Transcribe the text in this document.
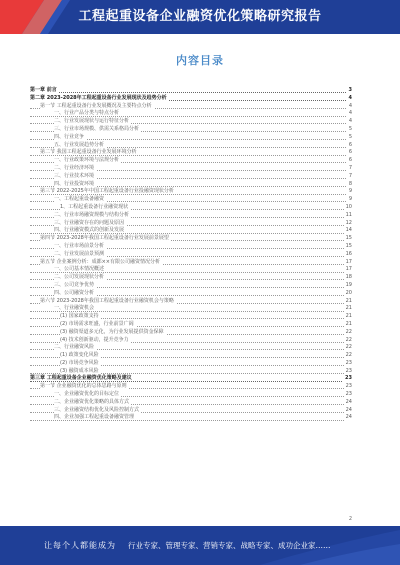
工程起重设备企业融资优化策略研究报告
内容目录
第一章 前言	3
第二章 2023-2028年工程起重设备行业发展现状及趋势分析	4
第一节 工程起重设备行业发展概况及主要特点分析	4
一、行业产品分类与特点分析	4
二、行业发展现状与运行特征分析	4
三、行业市场规模、供需关系格局分析	5
四、行业竞争	5
五、行业发展趋势分析	6
第二节 我国工程起重设备行业发展环境分析	6
一、行业政策环境与法规分析	6
二、行业经济环境	7
三、行业技术环境	7
四、行业投资环境	8
第三节 2022-2025年中国工程起重设备行业投融资现状分析	9
一、工程起重设备融资	9
1、工程起重设备行业融资现状	10
二、行业市场融资规模与结构分析	11
三、行业融资存在的问题及原因	12
四、行业融资模式的创新及发展	14
第四节 2023-2028年我国工程起重设备行业发展前景展望	15
一、行业市场前景分析	15
二、行业发展前景预测	16
第五节 企业案例分析：成都××有限公司融资情况分析	17
一、公司基本情况概述	17
二、公司发展现状分析	18
三、公司竞争优势	19
四、公司融资分析	20
第六节 2023-2028年我国工程起重设备行业融资机会与策略	21
一、行业融资机会	21
(1) 国家政策支持	21
(2) 市场需求旺盛，行业前景广阔	21
(3) 融资渠道多元化，为行业发展提供资金保障	22
(4) 技术创新驱动，提升竞争力	22
二、行业融资风险	22
(1) 政策变化风险	22
(2) 市场竞争风险	23
(3) 融资成本风险	23
第三章 工程起重设备企业融资优化策略及建议	23
第一节 企业融资优化的总体思路与原则	23
一、企业融资优化的目标定位	23
二、企业融资优化策略的具体方式	24
三、企业融资结构优化及风险控制方式	24
四、企业加强工程起重设备融资管理	24
2
让每个人都能成为 行业专家、管理专家、营销专家、战略专家、成功企业家……
